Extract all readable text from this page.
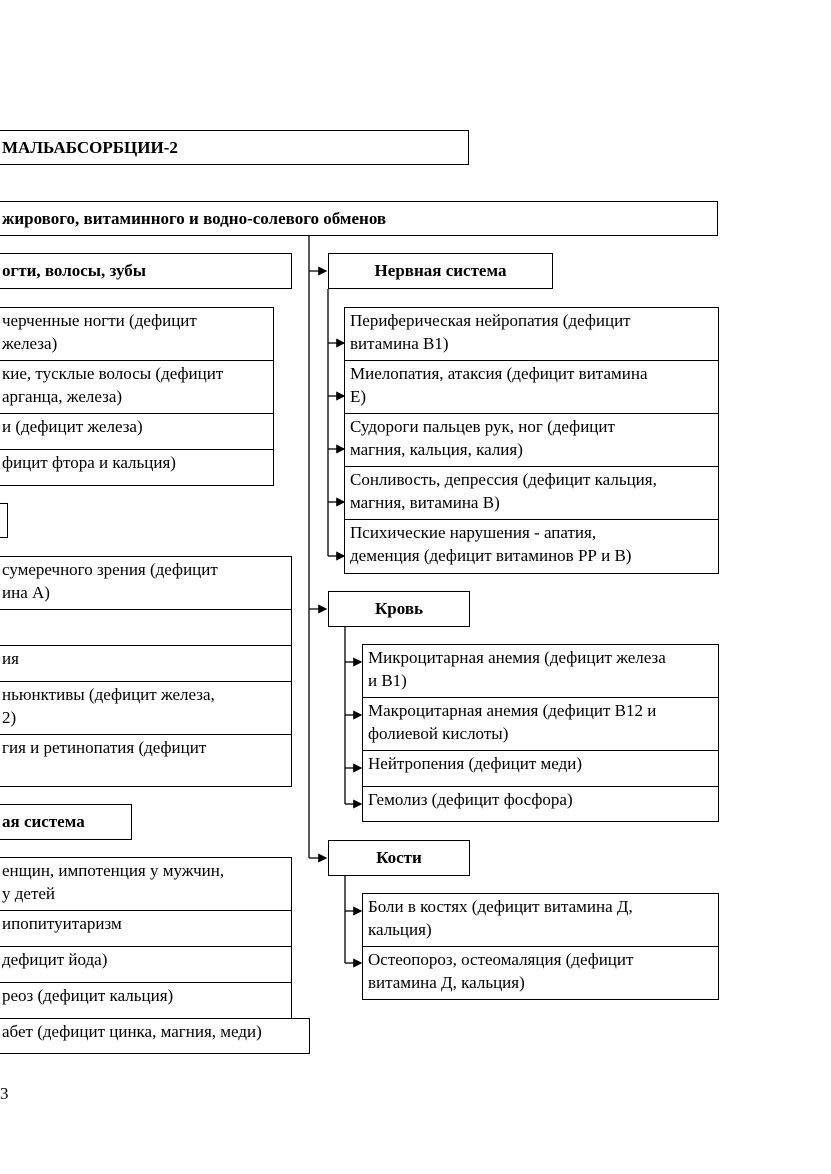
МАЛЬАБСОРБЦИИ-2
жирового, витаминного и водно-солевого обменов
огти, волосы, зубы
черченные ногти (дефицит
железа)
кие, тусклые волосы (дефицит
арганца, железа)
и (дефицит железа)
фицит фтора и кальция)
сумеречного зрения (дефицит
ина А)
ия
ньюнктивы (дефицит железа,
2)
гия и ретинопатия (дефицит

ая система
енщин, импотенция у мужчин,
у детей
ипопитуитаризм
дефицит йода)
реоз (дефицит кальция)
абет (дефицит цинка, магния, меди)
Нервная система
Периферическая нейропатия (дефицит
витамина В1)
Миелопатия, атаксия (дефицит витамина
Е)
Судороги пальцев рук, ног (дефицит
магния, кальция, калия)
Сонливость, депрессия (дефицит кальция,
магния, витамина В)
Психические нарушения - апатия,
деменция (дефицит витаминов РР и В)
Кровь
Микроцитарная анемия (дефицит железа
и В1)
Макроцитарная анемия (дефицит В12 и
фолиевой кислоты)
Нейтропения (дефицит меди)
Гемолиз (дефицит фосфора)
Кости
Боли в костях (дефицит витамина Д,
кальция)
Остеопороз, остеомаляция (дефицит
витамина Д, кальция)
3
